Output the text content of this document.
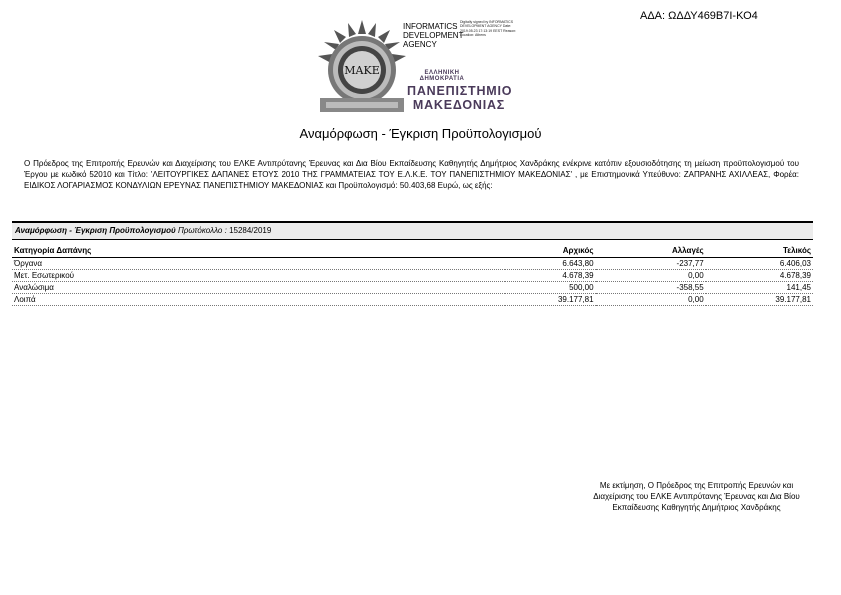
ΑΔΑ: ΩΔΔΥ469Β7Ι-ΚΟ4
ΜΑΚΕ
INFORMATICS DEVELOPMENT AGENCY
Digitally signed by INFORMATICS DEVELOPMENT AGENCY Date: 2019.05.23 17:13:19 EEST Reason: Location: Athens
ΕΛΛΗΝΙΚΗ ΔΗΜΟΚΡΑΤΙΑ
ΠΑΝΕΠΙΣΤΗΜΙΟ ΜΑΚΕΔΟΝΙΑΣ
Αναμόρφωση - Έγκριση Προϋπολογισμού
Ο Πρόεδρος της Επιτροπής Ερευνών και Διαχείρισης του ΕΛΚΕ Αντιπρύτανης Έρευνας και Δια Βίου Εκπαίδευσης Καθηγητής Δημήτριος Χανδράκης ενέκρινε κατόπιν εξουσιοδότησης τη μείωση προϋπολογισμού του Έργου με κωδικό 52010 και Τίτλο: 'ΛΕΙΤΟΥΡΓΙΚΕΣ ΔΑΠΑΝΕΣ ΕΤΟΥΣ 2010 ΤΗΣ ΓΡΑΜΜΑΤΕΙΑΣ ΤΟΥ Ε.Λ.Κ.Ε. ΤΟΥ ΠΑΝΕΠΙΣΤΗΜΙΟΥ ΜΑΚΕΔΟΝΙΑΣ' , με Επιστημονικά Υπεύθυνο: ΖΑΠΡΑΝΗΣ ΑΧΙΛΛΕΑΣ, Φορέα: ΕΙΔΙΚΟΣ ΛΟΓΑΡΙΑΣΜΟΣ ΚΟΝΔΥΛΙΩΝ ΕΡΕΥΝΑΣ ΠΑΝΕΠΙΣΤΗΜΙΟΥ ΜΑΚΕΔΟΝΙΑΣ και Προϋπολογισμό: 50.403,68 Ευρώ, ως εξής:
Αναμόρφωση - Έγκριση Προϋπολογισμού Πρωτόκολλο : 15284/2019
Κατηγορία Δαπάνης	Αρχικός	Αλλαγές	Τελικός
Όργανα	6.643,80	-237,77	6.406,03
Μετ. Εσωτερικού	4.678,39	0,00	4.678,39
Αναλώσιμα	500,00	-358,55	141,45
Λοιπά	39.177,81	0,00	39.177,81
Με εκτίμηση, Ο Πρόεδρος της Επιτροπής Ερευνών και Διαχείρισης του ΕΛΚΕ Αντιπρύτανης Έρευνας και Δια Βίου Εκπαίδευσης Καθηγητής Δημήτριος Χανδράκης
